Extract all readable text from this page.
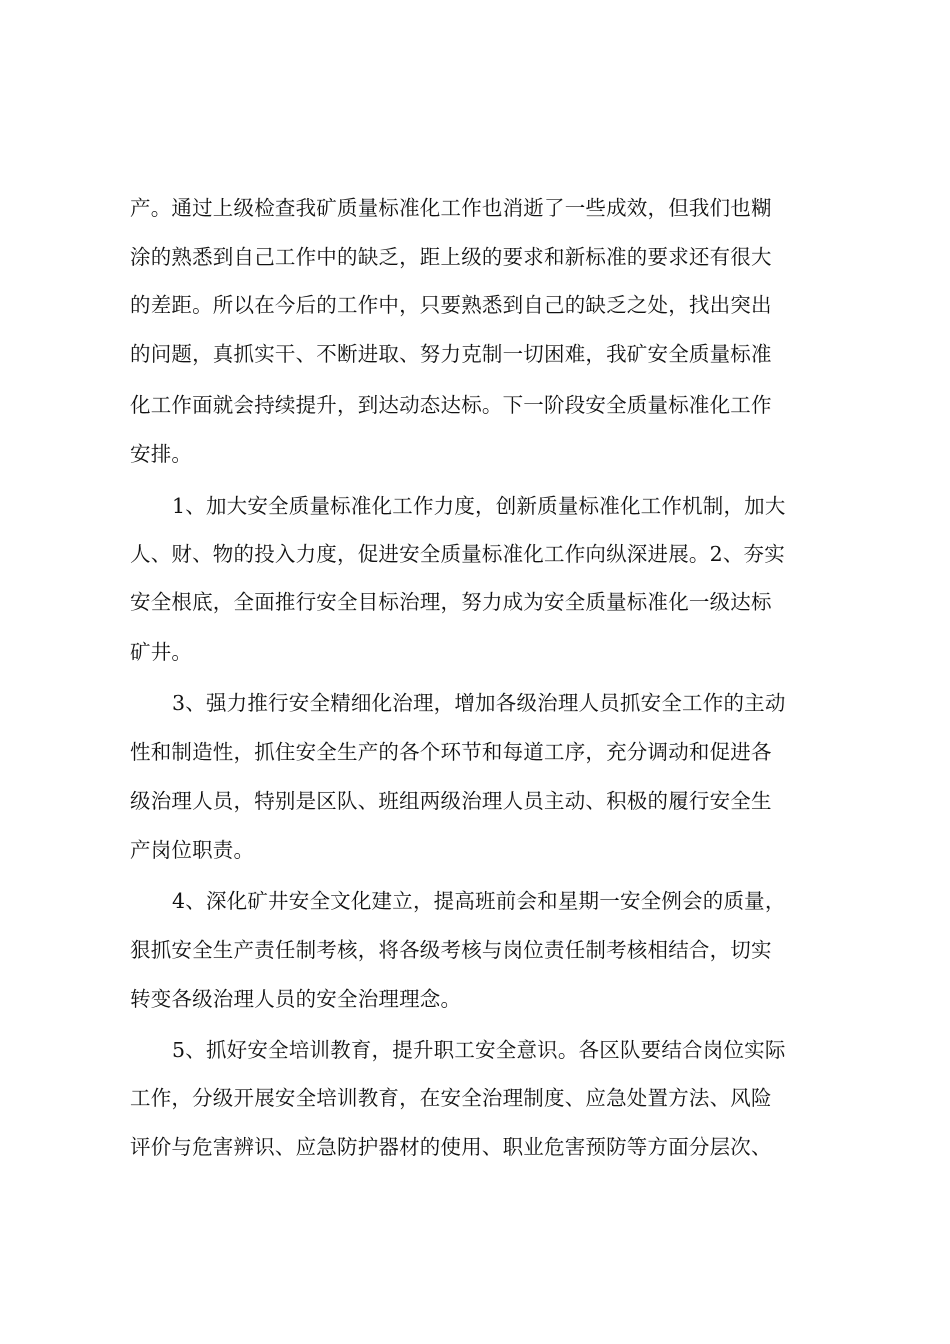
产。通过上级检查我矿质量标准化工作也消逝了一些成效，但我们也糊
涂的熟悉到自己工作中的缺乏，距上级的要求和新标准的要求还有很大
的差距。所以在今后的工作中，只要熟悉到自己的缺乏之处，找出突出
的问题，真抓实干、不断进取、努力克制一切困难，我矿安全质量标准
化工作面就会持续提升，到达动态达标。下一阶段安全质量标准化工作
安排。
1、加大安全质量标准化工作力度，创新质量标准化工作机制，加大
人、财、物的投入力度，促进安全质量标准化工作向纵深进展。2、夯实
安全根底，全面推行安全目标治理，努力成为安全质量标准化一级达标
矿井。
3、强力推行安全精细化治理，增加各级治理人员抓安全工作的主动
性和制造性，抓住安全生产的各个环节和每道工序，充分调动和促进各
级治理人员，特别是区队、班组两级治理人员主动、积极的履行安全生
产岗位职责。
4、深化矿井安全文化建立，提高班前会和星期一安全例会的质量，
狠抓安全生产责任制考核，将各级考核与岗位责任制考核相结合，切实
转变各级治理人员的安全治理理念。
5、抓好安全培训教育，提升职工安全意识。各区队要结合岗位实际
工作，分级开展安全培训教育，在安全治理制度、应急处置方法、风险
评价与危害辨识、应急防护器材的使用、职业危害预防等方面分层次、
